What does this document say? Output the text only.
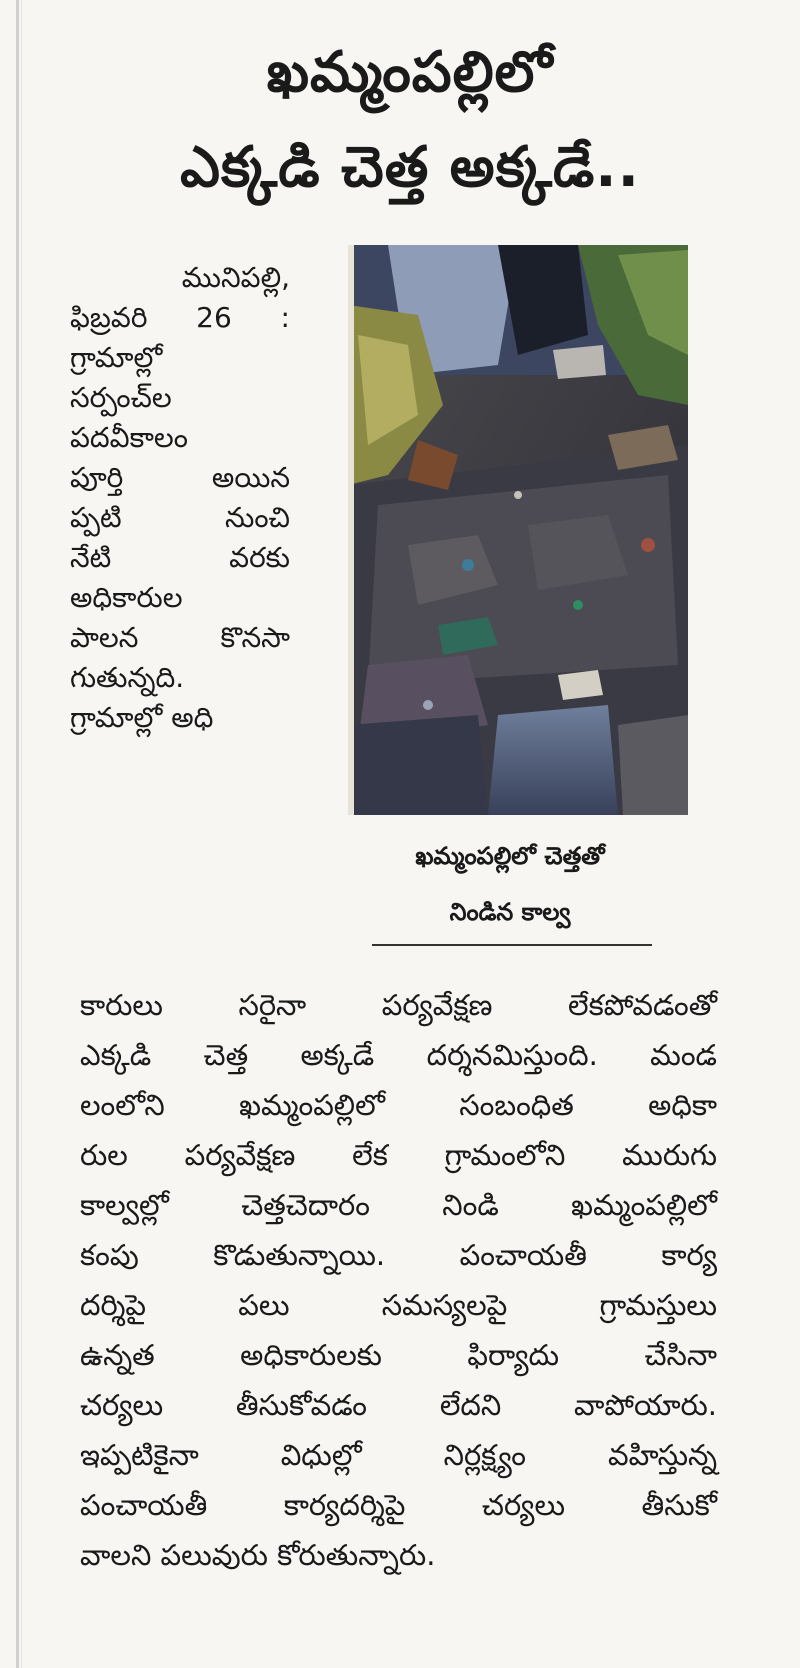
ఖమ్మంపల్లిలో
ఎక్కడి చెత్త అక్కడే..
మునిపల్లి,
ఫిబ్రవరి 26 :
గ్రామాల్లో
సర్పంచ్‌ల
పదవీకాలం
పూర్తి అయిన
ప్పటి నుంచి
నేటి వరకు
అధికారుల
పాలన కొనసా
గుతున్నది.
గ్రామాల్లో అధి
ఖమ్మంపల్లిలో చెత్తతో
నిండిన కాల్వ
కారులు సరైనా పర్యవేక్షణ లేకపోవడంతో
ఎక్కడి చెత్త అక్కడే దర్శనమిస్తుంది. మండ
లంలోని ఖమ్మంపల్లిలో సంబంధిత అధికా
రుల పర్యవేక్షణ లేక గ్రామంలోని మురుగు
కాల్వల్లో చెత్తచెదారం నిండి ఖమ్మంపల్లిలో
కంపు కొడుతున్నాయి. పంచాయతీ కార్య
దర్శిపై పలు సమస్యలపై గ్రామస్తులు
ఉన్నత అధికారులకు ఫిర్యాదు చేసినా
చర్యలు తీసుకోవడం లేదని వాపోయారు.
ఇప్పటికైనా విధుల్లో నిర్లక్ష్యం వహిస్తున్న
పంచాయతీ కార్యదర్శిపై చర్యలు తీసుకో
వాలని పలువురు కోరుతున్నారు.
